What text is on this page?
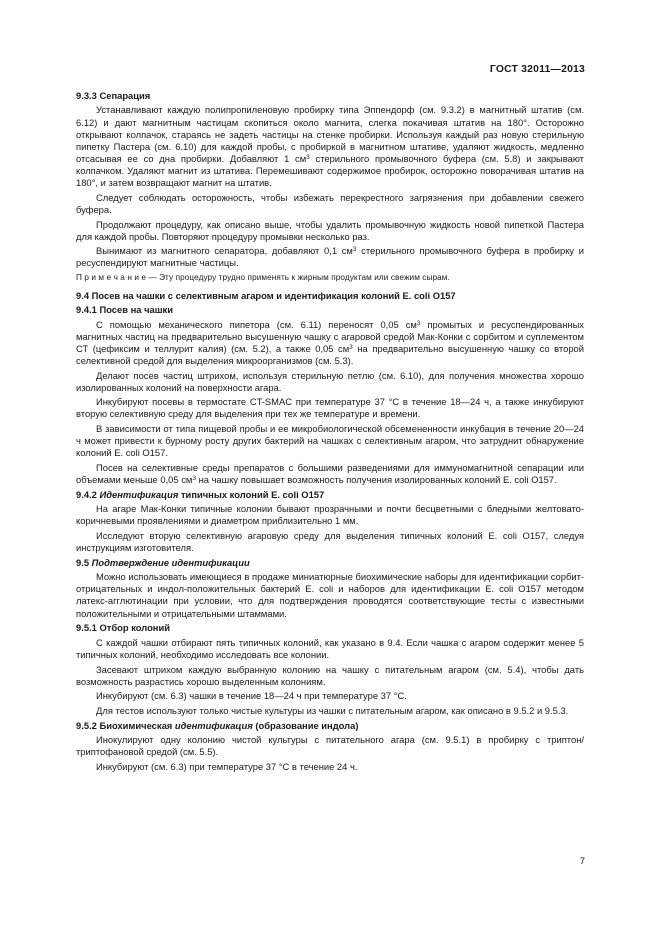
ГОСТ 32011—2013
9.3.3 Сепарация
Устанавливают каждую полипропиленовую пробирку типа Эппендорф (см. 9.3.2) в магнитный штатив (см. 6.12) и дают магнитным частицам скопиться около магнита, слегка покачивая штатив на 180°. Осторожно открывают колпачок, стараясь не задеть частицы на стенке пробирки. Используя каждый раз новую стерильную пипетку Пастера (см. 6.10) для каждой пробы, с пробиркой в магнитном штативе, удаляют жидкость, медленно отсасывая ее со дна пробирки. Добавляют 1 $см^3$ стерильного промывочного буфера (см. 5.8) и закрывают колпачком. Удаляют магнит из штатива. Перемешивают содержимое пробирок, осторожно поворачивая штатив на 180°, и затем возвращают магнит на штатив.
Следует соблюдать осторожность, чтобы избежать перекрестного загрязнения при добавлении свежего буфера.
Продолжают процедуру, как описано выше, чтобы удалить промывочную жидкость новой пипеткой Пастера для каждой пробы. Повторяют процедуру промывки несколько раз.
Вынимают из магнитного сепаратора, добавляют 0,1 $см^3$ стерильного промывочного буфера в пробирку и ресуспендируют магнитные частицы.
П р и м е ч а н и е — Эту процедуру трудно применять к жирным продуктам или свежим сырам.
9.4 Посев на чашки с селективным агаром и идентификация колоний E. coli O157
9.4.1 Посев на чашки
С помощью механического пипетора (см. 6.11) переносят 0,05 $см^3$ промытых и ресуспендированных магнитных частиц на предварительно высушенную чашку с агаровой средой Мак-Конки с сорбитом и суплементом СТ (цефиксим и теллурит калия) (см. 5.2), а также 0,05 $см^3$ на предварительно высушенную чашку со второй селективной средой для выделения микроорганизмов (см. 5.3).
Делают посев частиц штрихом, используя стерильную петлю (см. 6.10), для получения множества хорошо изолированных колоний на поверхности агара.
Инкубируют посевы в термостате CT-SMAC при температуре 37 °С в течение 18—24 ч, а также инкубируют вторую селективную среду для выделения при тех же температуре и времени.
В зависимости от типа пищевой пробы и ее микробиологической обсемененности инкубация в течение 20—24 ч может привести к бурному росту других бактерий на чашках с селективным агаром, что затруднит обнаружение колоний E. coli O157.
Посев на селективные среды препаратов с большими разведениями для иммуномагнитной сепарации или объемами меньше 0,05 $см^3$ на чашку повышает возможность получения изолированных колоний E. coli O157.
9.4.2 Идентификация типичных колоний E. coli O157
На агаре Мак-Конки типичные колонии бывают прозрачными и почти бесцветными с бледными желтовато-коричневыми проявлениями и диаметром приблизительно 1 мм.
Исследуют вторую селективную агаровую среду для выделения типичных колоний E. coli O157, следуя инструкциям изготовителя.
9.5 Подтверждение идентификации
Можно использовать имеющиеся в продаже миниатюрные биохимические наборы для идентификации сорбит-отрицательных и индол-положительных бактерий E. coli и наборов для идентификации E. coli O157 методом латекс-агглютинации при условии, что для подтверждения проводятся соответствующие тесты с известными положительными и отрицательными штаммами.
9.5.1 Отбор колоний
С каждой чашки отбирают пять типичных колоний, как указано в 9.4. Если чашка с агаром содержит менее 5 типичных колоний, необходимо исследовать все колонии.
Засевают штрихом каждую выбранную колонию на чашку с питательным агаром (см. 5.4), чтобы дать возможность разрастись хорошо выделенным колониям.
Инкубируют (см. 6.3) чашки в течение 18—24 ч при температуре 37 °С.
Для тестов используют только чистые культуры из чашки с питательным агаром, как описано в 9.5.2 и 9.5.3.
9.5.2 Биохимическая идентификация (образование индола)
Инокулируют одну колонию чистой культуры с питательного агара (см. 9.5.1) в пробирку с триптон/триптофановой средой (см. 5.5).
Инкубируют (см. 6.3) при температуре 37 °С в течение 24 ч.
7
